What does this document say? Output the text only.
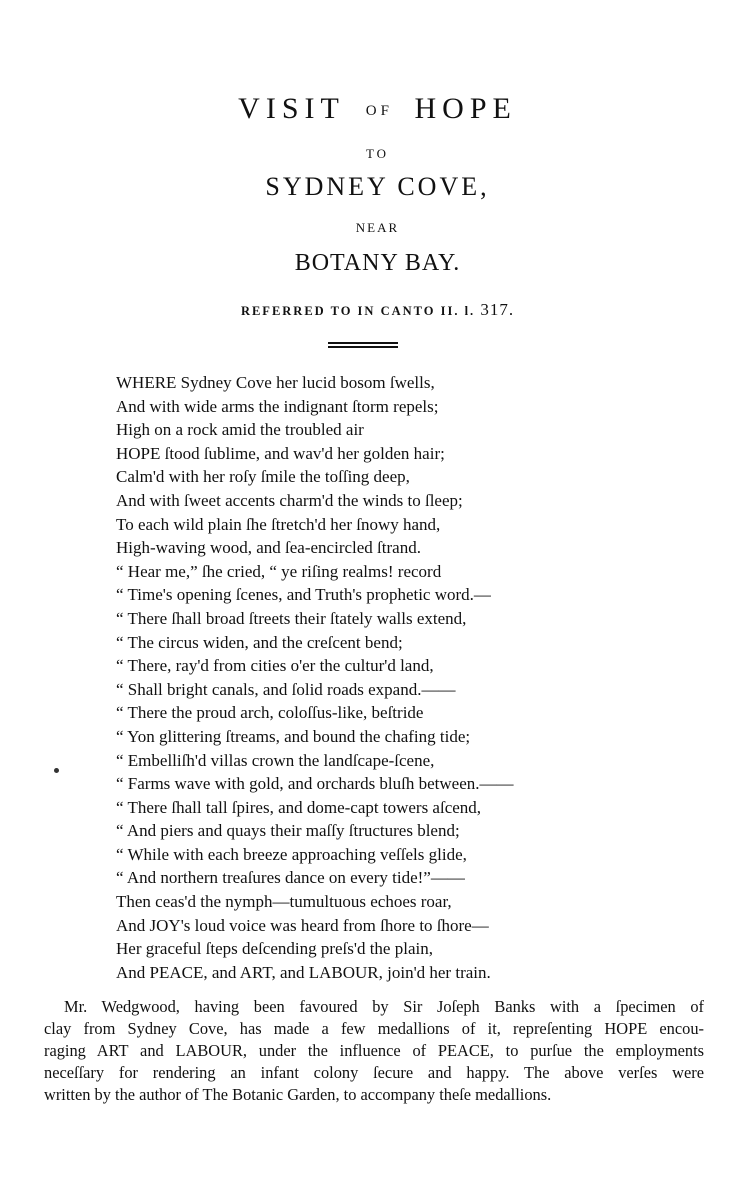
VISIT OF HOPE
TO
SYDNEY COVE,
NEAR
BOTANY BAY.
REFERRED TO IN CANTO II. l. 317.
WHERE Sydney Cove her lucid bosom ſwells,
And with wide arms the indignant ſtorm repels;
High on a rock amid the troubled air
HOPE ſtood ſublime, and wav'd her golden hair;
Calm'd with her roſy ſmile the toſſing deep,
And with ſweet accents charm'd the winds to ſleep;
To each wild plain ſhe ſtretch'd her ſnowy hand,
High-waving wood, and ſea-encircled ſtrand.
“ Hear me,” ſhe cried, “ ye riſing realms! record
“ Time's opening ſcenes, and Truth's prophetic word.—
“ There ſhall broad ſtreets their ſtately walls extend,
“ The circus widen, and the creſcent bend;
“ There, ray'd from cities o'er the cultur'd land,
“ Shall bright canals, and ſolid roads expand.——
“ There the proud arch, coloſſus-like, beſtride
“ Yon glittering ſtreams, and bound the chafing tide;
“ Embelliſh'd villas crown the landſcape-ſcene,
“ Farms wave with gold, and orchards bluſh between.——
“ There ſhall tall ſpires, and dome-capt towers aſcend,
“ And piers and quays their maſſy ſtructures blend;
“ While with each breeze approaching veſſels glide,
“ And northern treaſures dance on every tide!”——
Then ceas'd the nymph—tumultuous echoes roar,
And JOY's loud voice was heard from ſhore to ſhore—
Her graceful ſteps deſcending preſs'd the plain,
And PEACE, and ART, and LABOUR, join'd her train.
Mr. Wedgwood, having been favoured by Sir Joſeph Banks with a ſpecimen of
clay from Sydney Cove, has made a few medallions of it, repreſenting HOPE encou-
raging ART and LABOUR, under the influence of PEACE, to purſue the employments
neceſſary for rendering an infant colony ſecure and happy. The above verſes were
written by the author of The Botanic Garden, to accompany theſe medallions.
